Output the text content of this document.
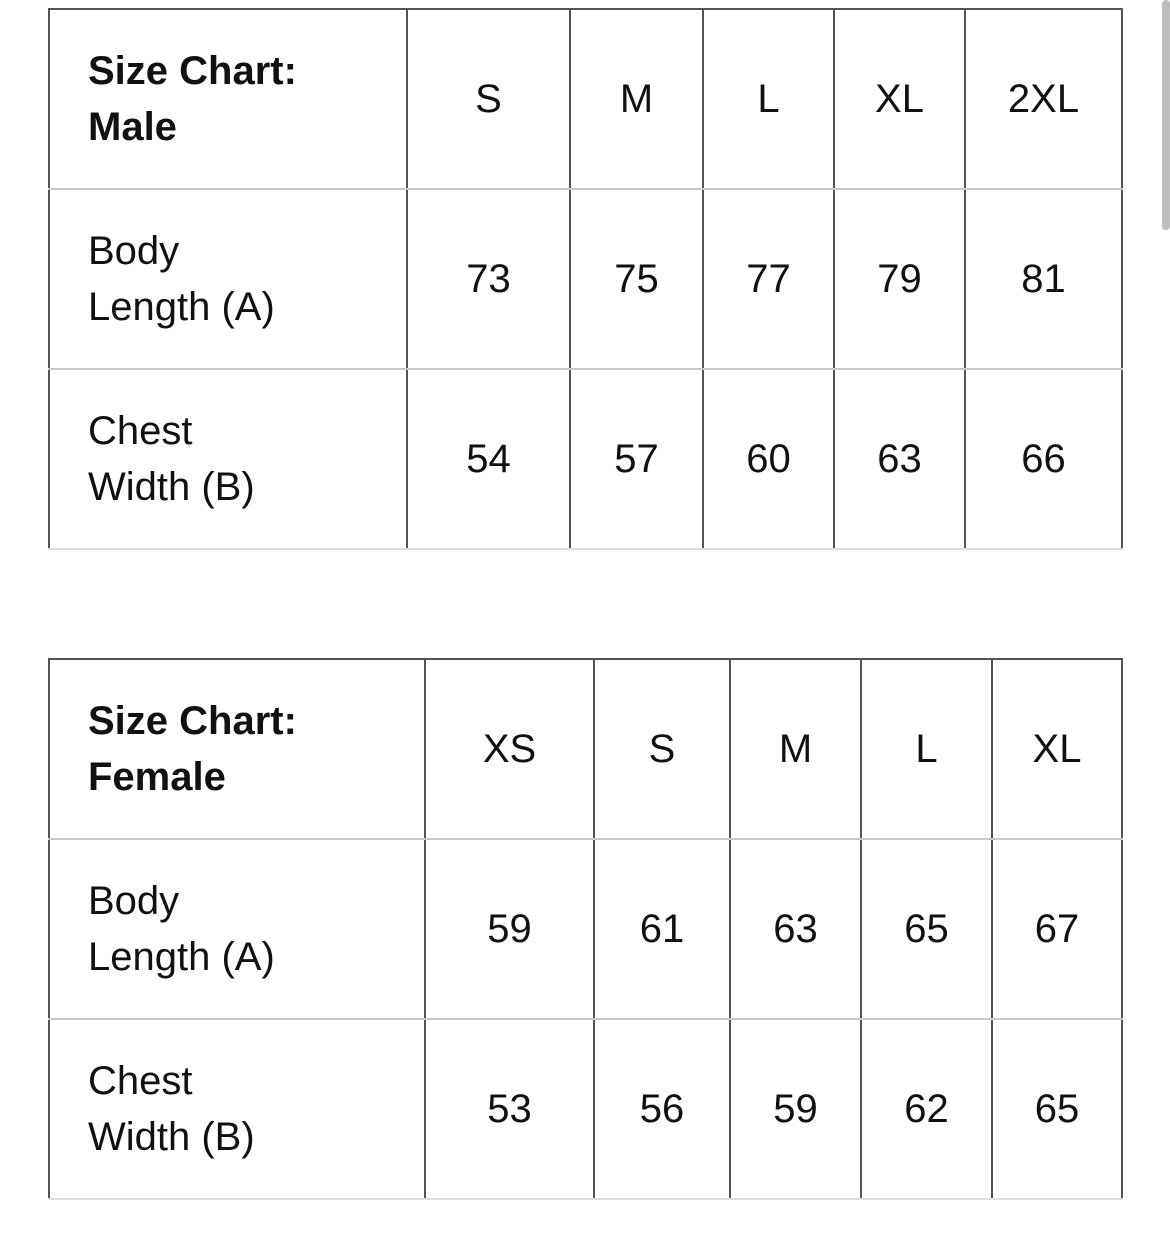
Size Chart:
Male	S	M	L	XL	2XL

Body
Length (A)	73	75	77	79	81

Chest
Width (B)	54	57	60	63	66
Size Chart:
Female	XS	S	M	L	XL

Body
Length (A)	59	61	63	65	67

Chest
Width (B)	53	56	59	62	65
